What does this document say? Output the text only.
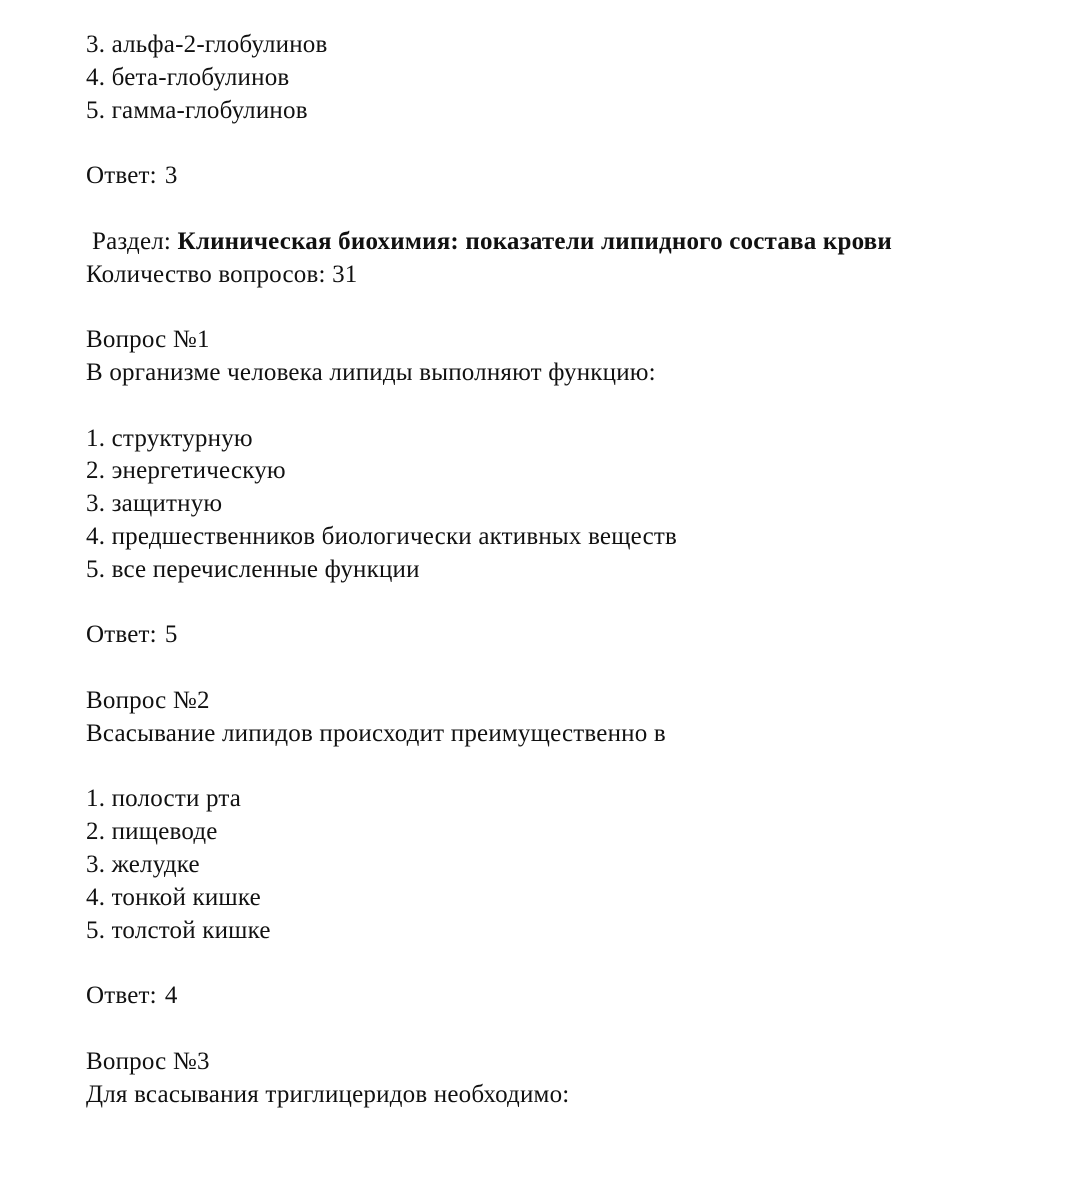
3. альфа-2-глобулинов
4. бета-глобулинов
5. гамма-глобулинов
Ответ: 3
Раздел: Клиническая биохимия: показатели липидного состава крови
Количество вопросов: 31
Вопрос №1
В организме человека липиды выполняют функцию:
1. структурную
2. энергетическую
3. защитную
4. предшественников биологически активных веществ
5. все перечисленные функции
Ответ: 5
Вопрос №2
Всасывание липидов происходит преимущественно в
1. полости рта
2. пищеводе
3. желудке
4. тонкой кишке
5. толстой кишке
Ответ: 4
Вопрос №3
Для всасывания триглицеридов необходимо:
